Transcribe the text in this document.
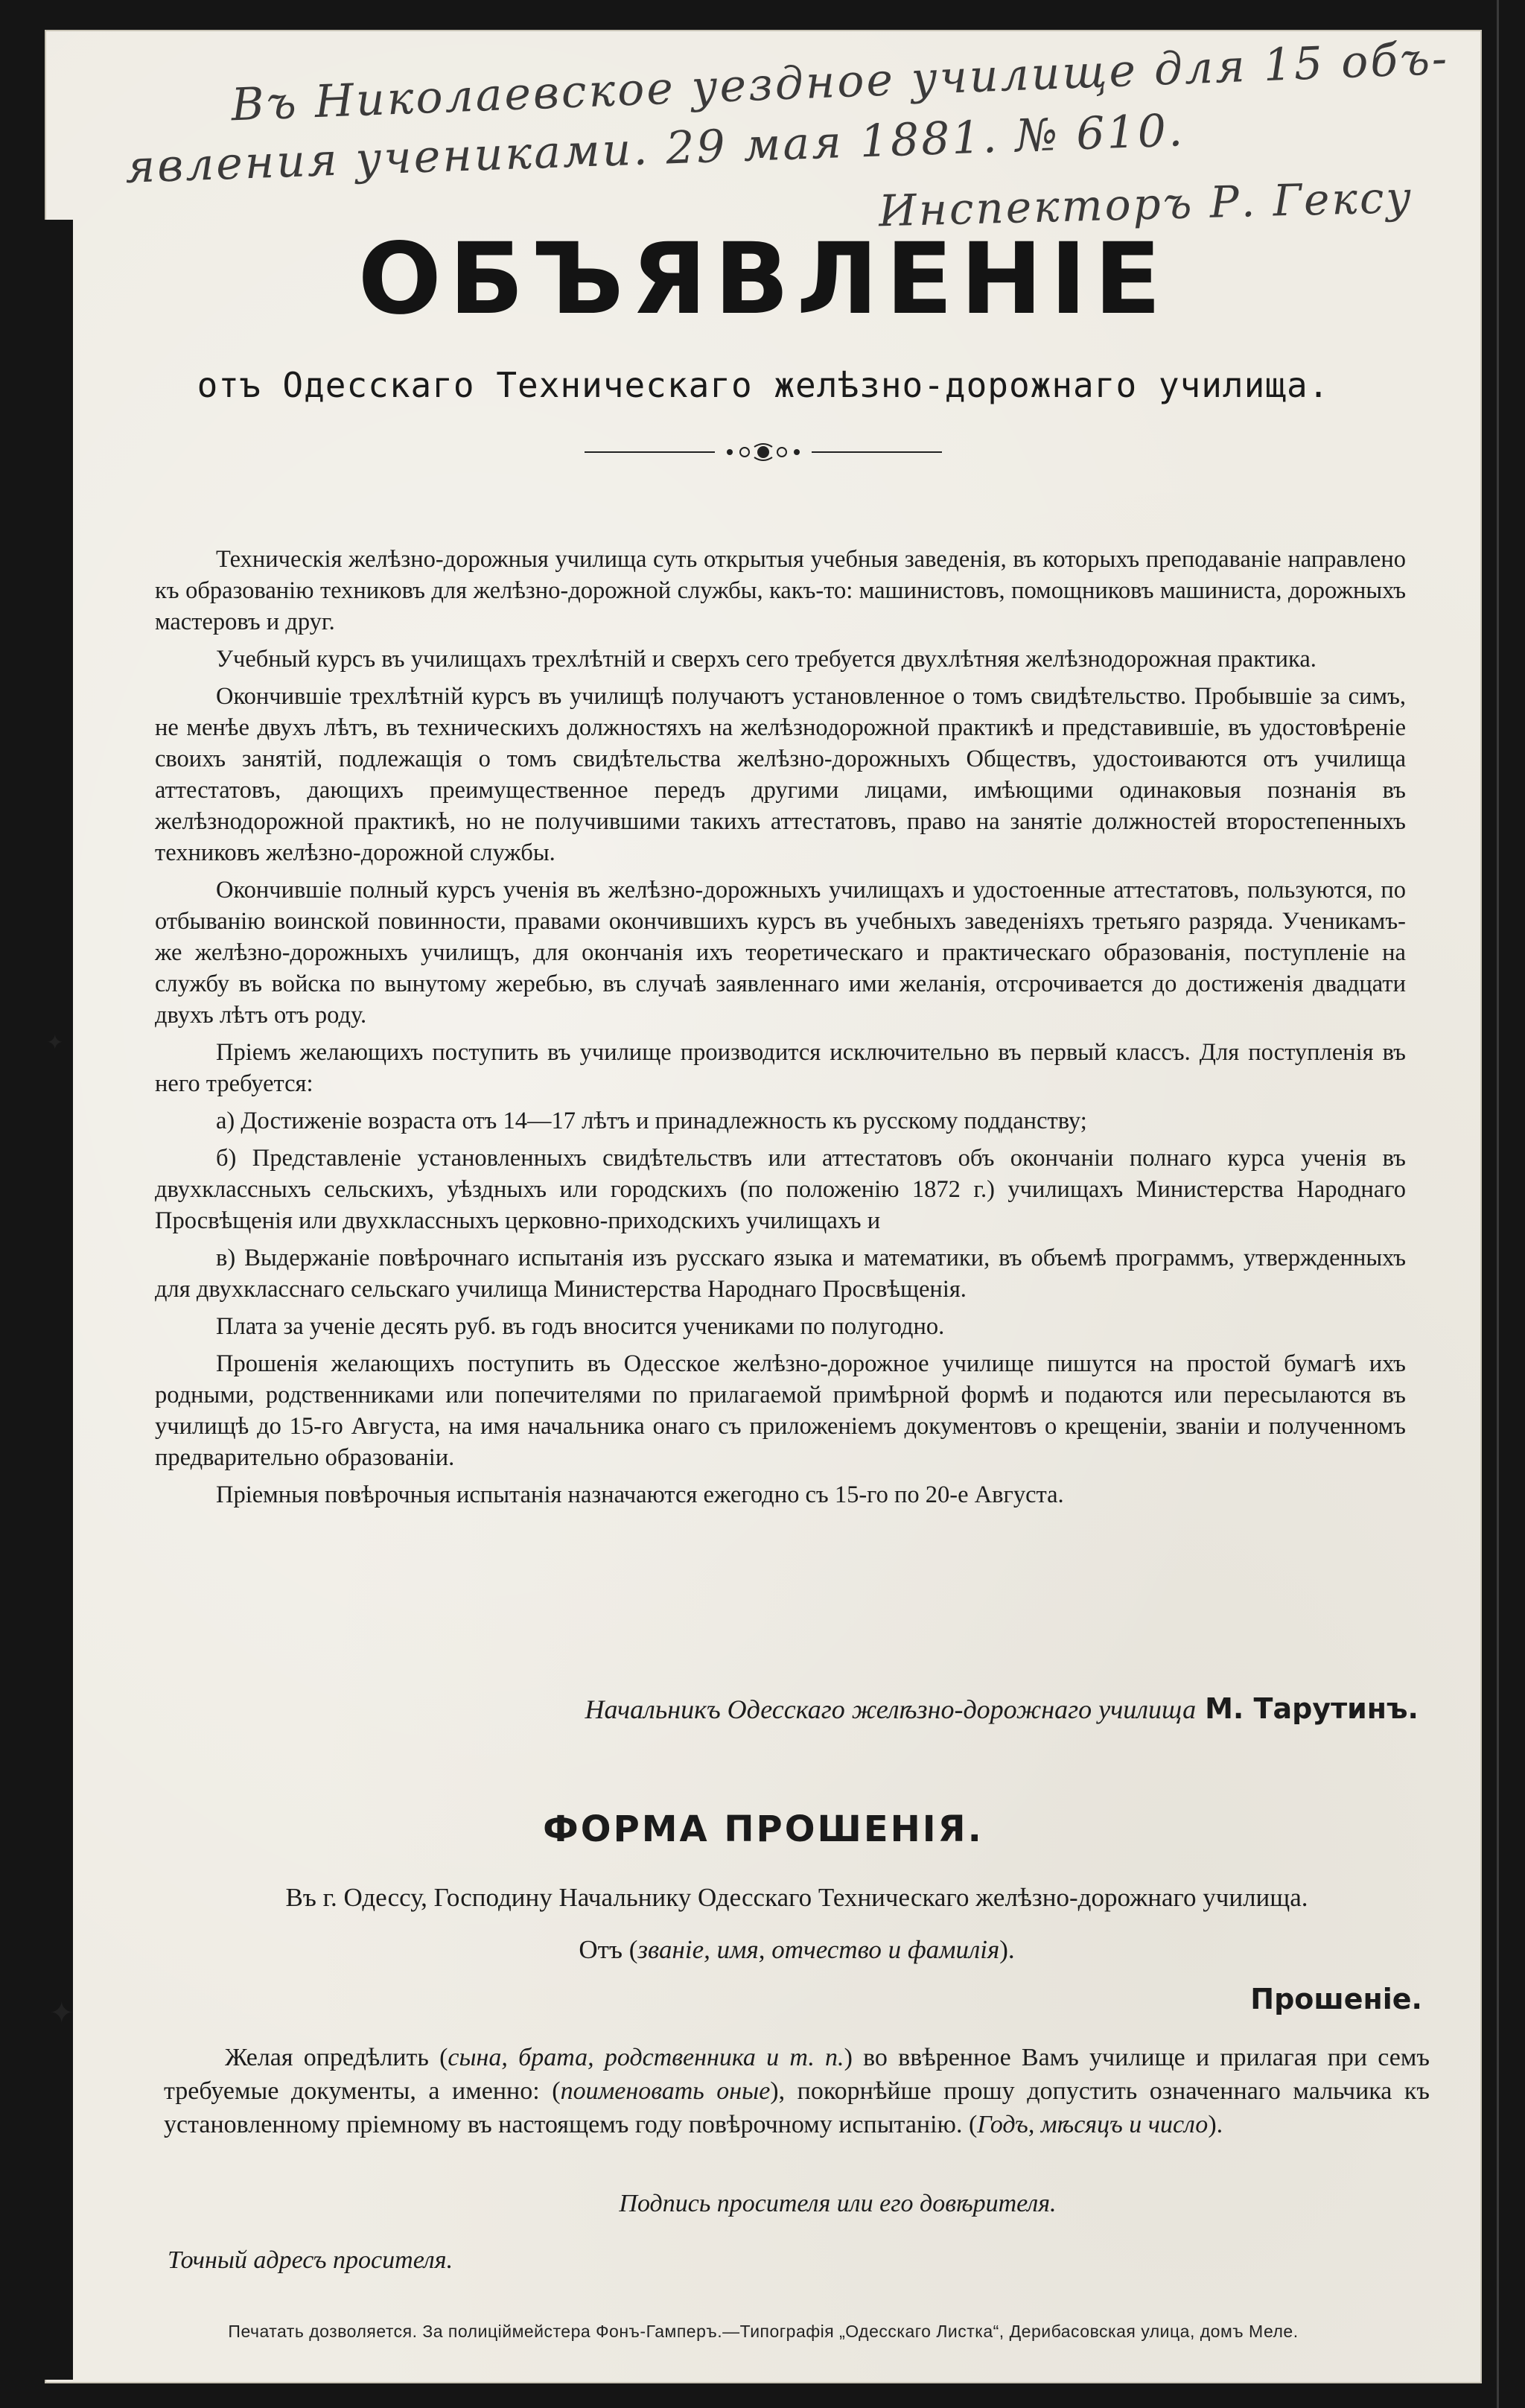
Въ Николаевское уездное училище для 15 объ-
явления учениками. 29 мая 1881. № 610.
Инспекторъ Р. Гексу
ОБЪЯВЛЕНІЕ
отъ Одесскаго Техническаго желѣзно-дорожнаго училища.

Техническія желѣзно-дорожныя училища суть открытыя учебныя заведенія, въ которыхъ преподаваніе направлено къ образованію техниковъ для желѣзно-дорожной службы, какъ-то: машинистовъ, помощниковъ машиниста, дорожныхъ мастеровъ и друг.

Учебный курсъ въ училищахъ трехлѣтній и сверхъ сего требуется двухлѣтняя желѣзнодорожная практика.

Окончившіе трехлѣтній курсъ въ училищѣ получаютъ установленное о томъ свидѣтельство. Пробывшіе за симъ, не менѣе двухъ лѣтъ, въ техническихъ должностяхъ на желѣзнодорожной практикѣ и представившіе, въ удостовѣреніе своихъ занятій, подлежащія о томъ свидѣтельства желѣзно-дорожныхъ Обществъ, удостоиваются отъ училища аттестатовъ, дающихъ преимущественное передъ другими лицами, имѣющими одинаковыя познанія въ желѣзнодорожной практикѣ, но не получившими такихъ аттестатовъ, право на занятіе должностей второстепенныхъ техниковъ желѣзно-дорожной службы.

Окончившіе полный курсъ ученія въ желѣзно-дорожныхъ училищахъ и удостоенные аттестатовъ, пользуются, по отбыванію воинской повинности, правами окончившихъ курсъ въ учебныхъ заведеніяхъ третьяго разряда. Ученикамъ-же желѣзно-дорожныхъ училищъ, для окончанія ихъ теоретическаго и практическаго образованія, поступленіе на службу въ войска по вынутому жеребью, въ случаѣ заявленнаго ими желанія, отсрочивается до достиженія двадцати двухъ лѣтъ отъ роду.

Пріемъ желающихъ поступить въ училище производится исключительно въ первый классъ. Для поступленія въ него требуется:

а) Достиженіе возраста отъ 14—17 лѣтъ и принадлежность къ русскому подданству;

б) Представленіе установленныхъ свидѣтельствъ или аттестатовъ объ окончаніи полнаго курса ученія въ двухклассныхъ сельскихъ, уѣздныхъ или городскихъ (по положенію 1872 г.) училищахъ Министерства Народнаго Просвѣщенія или двухклассныхъ церковно-приходскихъ училищахъ и

в) Выдержаніе повѣрочнаго испытанія изъ русскаго языка и математики, въ объемѣ программъ, утвержденныхъ для двухкласснаго сельскаго училища Министерства Народнаго Просвѣщенія.

Плата за ученіе десять руб. въ годъ вносится учениками по полугодно.

Прошенія желающихъ поступить въ Одесское желѣзно-дорожное училище пишутся на простой бумагѣ ихъ родными, родственниками или попечителями по прилагаемой примѣрной формѣ и подаются или пересылаются въ училищѣ до 15-го Августа, на имя начальника онаго съ приложеніемъ документовъ о крещеніи, званіи и полученномъ предварительно образованіи.

Пріемныя повѣрочныя испытанія назначаются ежегодно съ 15-го по 20-е Августа.

Начальникъ Одесскаго желѣзно-дорожнаго училища М. Тарутинъ.
ФОРМА ПРОШЕНІЯ.
Въ г. Одессу, Господину Начальнику Одесскаго Техническаго желѣзно-дорожнаго училища.
Отъ (званіе, имя, отчество и фамилія).
Прошеніе.
Желая опредѣлить (сына, брата, родственника и т. п.) во ввѣренное Вамъ училище и прилагая при семъ требуемые документы, а именно: (поименовать оные), покорнѣйше прошу допустить означеннаго мальчика къ установленному пріемному въ настоящемъ году повѣрочному испытанію. (Годъ, мѣсяцъ и число).
Подпись просителя или его довѣрителя.
Точный адресъ просителя.
Печатать дозволяется. За полиціймейстера Фонъ-Гамперъ.—Типографія „Одесскаго Листка“, Дерибасовская улица, домъ Меле.
✦
✦
